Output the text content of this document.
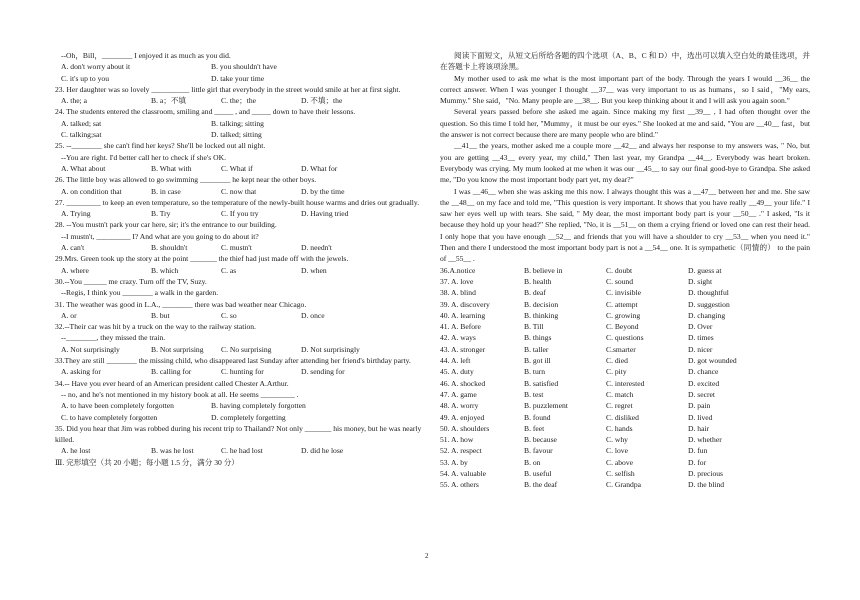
--Oh，Bill，________ I enjoyed it as much as you did.
A. don't worry about it	B. you shouldn't have
C. it's up to you	D. take your time
23. Her daughter was so lovely __________ little girl that everybody in the street would smile at her at first sight.
A. the; a	B. a；不填	C. the；the	D. 不填；the
24. The students entered the classroom, smiling and _____ , and _____ down to have their lessons.
A. talked; sat	B. talking; sitting
C. talking;sat	D. talked; sitting
25. --________ she can't find her keys? She'll be locked out all night.
--You are right. I'd better call her to check if she's OK.
A. What about	B. What with	C. What if	D. What for
26. The little boy was allowed to go swimming ________ he kept near the other boys.
A. on condition that	B. in case	C. now that	D. by the time
27. _________ to keep an even temperature, so the temperature of the newly-built house warms and dries out gradually.
A. Trying	B. Try	C. If you try	D. Having tried
28. --You mustn't park your car here, sir; it's the entrance to our building.
--I mustn't, _________ I? And what are you going to do about it?
A. can't	B. shouldn't	C. mustn't	D. needn't
29.Mrs. Green took up the story at the point _______ the thief had just made off with the jewels.
A. where	B. which	C. as	D. when
30.--You ______ me crazy. Turn off the TV, Suzy.
--Regis, I think you ________ a walk in the garden.
31. The weather was good in L.A., ________ there was bad weather near Chicago.
A. or	B. but	C. so	D. once
32.--Their car was hit by a truck on the way to the railway station.
--________, they missed the train.
A. Not surprisingly	B. Not surprising	C. No surprising	D. Not surprisingly
33.They are still ________ the missing child, who disappeared last Sunday after attending her friend's birthday party.
A. asking for	B. calling for	C. hunting for	D. sending for
34.-- Have you ever heard of an American president called Chester A.Arthur.
-- no, and he's not mentioned in my history book at all. He seems _________ .
A. to have been completely forgotten	B. having completely forgotten
C. to have completely forgotten	D. completely forgetting
35. Did you hear that Jim was robbed during his recent trip to Thailand? Not only _______ his money, but he was nearly killed.
A. he lost	B. was he lost	C. he had lost	D. did he lose
Ⅲ. 完形填空（共 20 小题；每小题 1.5 分，满分 30 分）
阅读下面短文，从短文后所给各题的四个选项（A、B、C 和 D）中，选出可以填入空白处的最佳选项，并在答题卡上将该项涂黑。
My mother used to ask me what is the most important part of the body. Through the years I would __36__ the correct answer. When I was younger I thought __37__ was very important to us as humans，so I said，"My ears, Mummy." She said，"No. Many people are __38__. But you keep thinking about it and I will ask you again soon."
Several years passed before she asked me again. Since making my first __39__ , I had often thought over the question. So this time I told her, "Mummy，it must be our eyes." She looked at me and said, "You are __40__ fast，but the answer is not correct because there are many people who are blind."
__41__ the years, mother asked me a couple more __42__ and always her response to my answers was, " No, but you are getting __43__ every year, my child," Then last year, my Grandpa __44__. Everybody was heart broken. Everybody was crying. My mum looked at me when it was our __45__ to say our final good-bye to Grandpa. She asked me, "Do you know the most important body part yet, my dear?"
I was __46__ when she was asking me this now. I always thought this was a __47__ between her and me. She saw the __48__ on my face and told me, "This question is very important. It shows that you have really __49__ your life." I saw her eyes well up with tears. She said, " My dear, the most important body part is your __50__ ." I asked, "Is it because they hold up your head?" She replied, "No, it is __51__ on them a crying friend or loved one can rest their head. I only hope that you have enough __52__ and friends that you will have a shoulder to cry __53__ when you need it." Then and there I understood the most important body part is not a __54__ one. It is sympathetic（同情的） to the pain of __55__ .
36.A.notice	B. believe in	C. doubt	D. guess at
37. A. love	B. health	C. sound	D. sight
38. A. blind	B. deaf	C. invisible	D. thoughtful
39. A. discovery	B. decision	C. attempt	D. suggestion
40. A. learning	B. thinking	C. growing	D. changing
41. A. Before	B. Till	C. Beyond	D. Over
42. A. ways	B. things	C. questions	D. times
43. A. stronger	B. taller	C.smarter	D. nicer
44. A. left	B. got ill	C. died	D. got wounded
45. A. duty	B. turn	C. pity	D. chance
46. A. shocked	B. satisfied	C. interested	D. excited
47. A. game	B. test	C. match	D. secret
48. A. worry	B. puzzlement	C. regret	D. pain
49. A. enjoyed	B. found	C. disliked	D. lived
50. A. shoulders	B. feet	C. hands	D. hair
51. A. how	B. because	C. why	D. whether
52. A. respect	B. favour	C. love	D. fun
53. A. by	B. on	C. above	D. for
54. A. valuable	B. useful	C. selfish	D. precious
55. A. others	B. the deaf	C. Grandpa	D. the blind
2
